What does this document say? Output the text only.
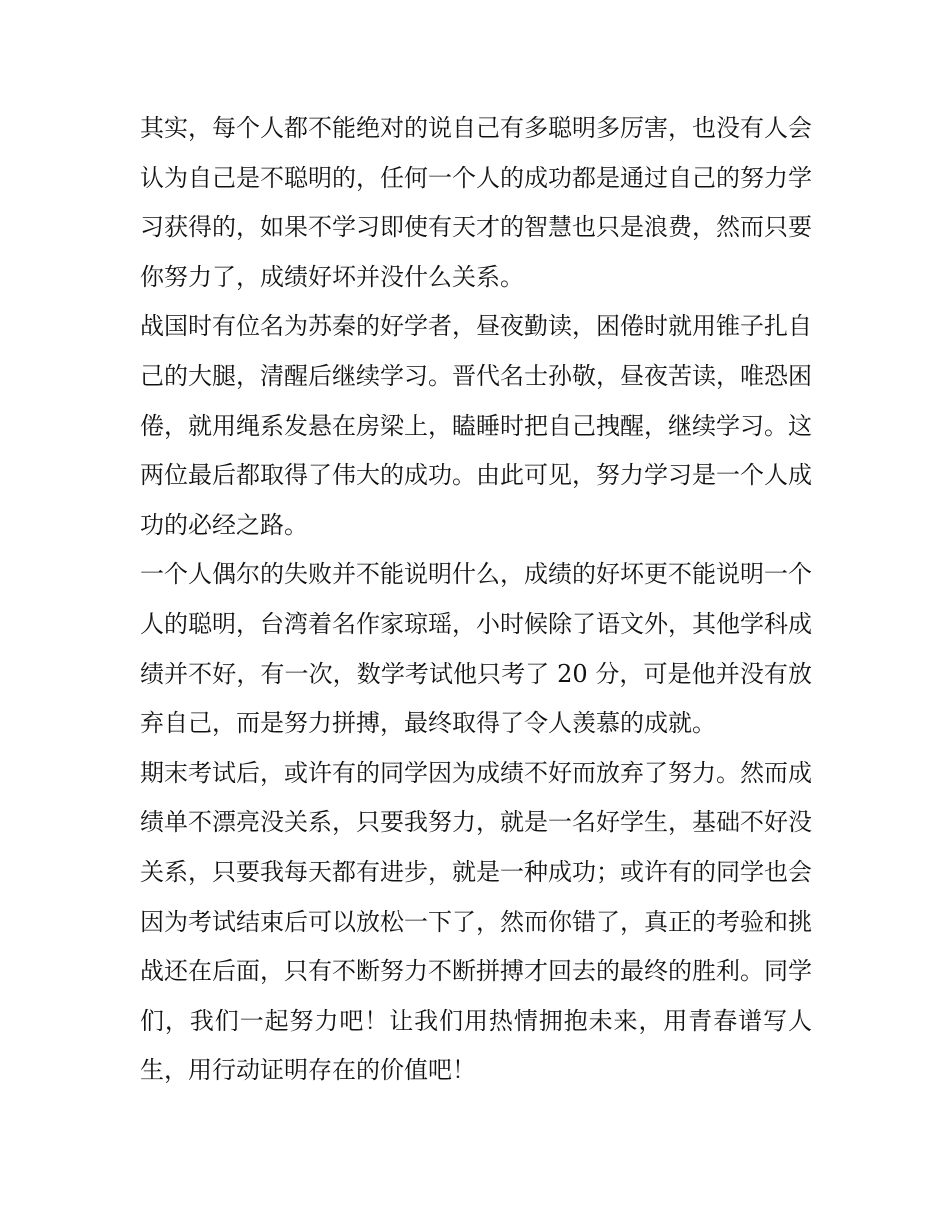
其实，每个人都不能绝对的说自己有多聪明多厉害，也没有人会认为自己是不聪明的，任何一个人的成功都是通过自己的努力学习获得的，如果不学习即使有天才的智慧也只是浪费，然而只要你努力了，成绩好坏并没什么关系。

战国时有位名为苏秦的好学者，昼夜勤读，困倦时就用锥子扎自己的大腿，清醒后继续学习。晋代名士孙敬，昼夜苦读，唯恐困倦，就用绳系发悬在房梁上，瞌睡时把自己拽醒，继续学习。这两位最后都取得了伟大的成功。由此可见，努力学习是一个人成功的必经之路。

一个人偶尔的失败并不能说明什么，成绩的好坏更不能说明一个人的聪明，台湾着名作家琼瑶，小时候除了语文外，其他学科成绩并不好，有一次，数学考试他只考了 20 分，可是他并没有放弃自己，而是努力拼搏，最终取得了令人羡慕的成就。

期末考试后，或许有的同学因为成绩不好而放弃了努力。然而成绩单不漂亮没关系，只要我努力，就是一名好学生，基础不好没关系，只要我每天都有进步，就是一种成功；或许有的同学也会因为考试结束后可以放松一下了，然而你错了，真正的考验和挑战还在后面，只有不断努力不断拼搏才回去的最终的胜利。同学们，我们一起努力吧！让我们用热情拥抱未来，用青春谱写人生，用行动证明存在的价值吧！
